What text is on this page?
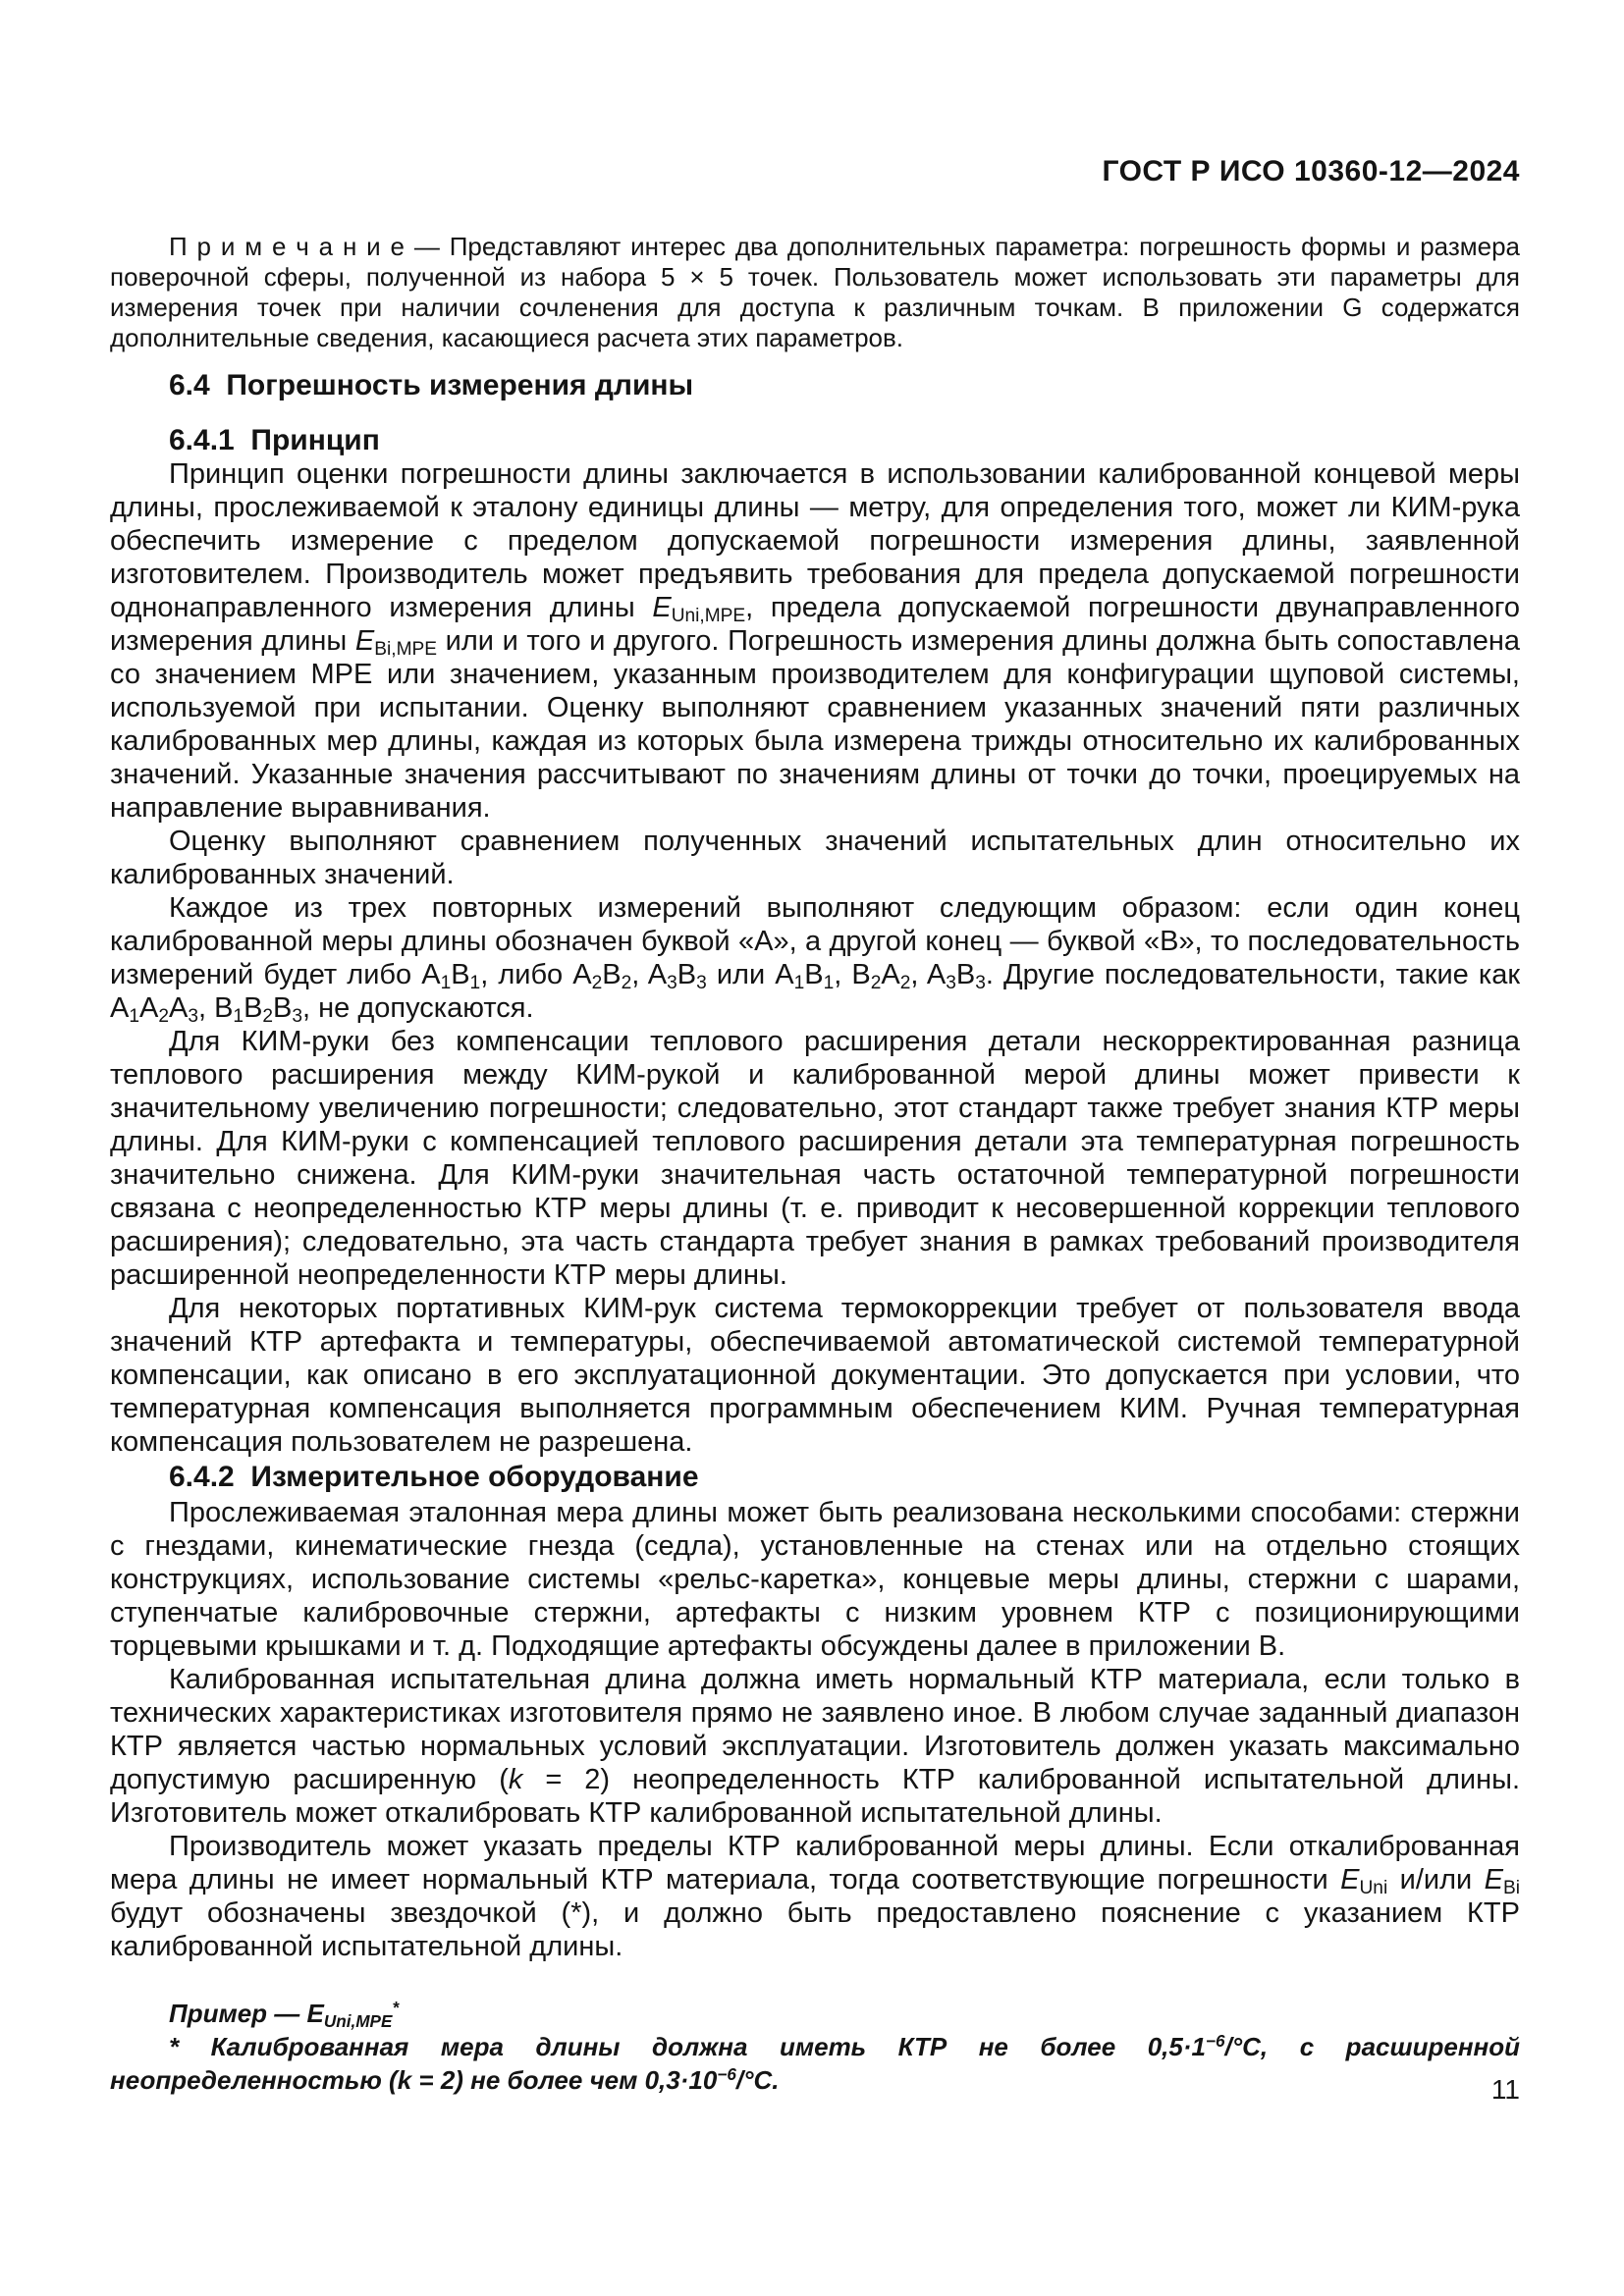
ГОСТ Р ИСО 10360-12—2024

П р и м е ч а н и е — Представляют интерес два дополнительных параметра: погрешность формы и размера поверочной сферы, полученной из набора 5 × 5 точек. Пользователь может использовать эти параметры для измерения точек при наличии сочленения для доступа к различным точкам. В приложении G содержатся дополнительные сведения, касающиеся расчета этих параметров.

6.4  Погрешность измерения длины
6.4.1  Принцип

Принцип оценки погрешности длины заключается в использовании калиброванной концевой меры длины, прослеживаемой к эталону единицы длины — метру, для определения того, может ли КИМ-рука обеспечить измерение с пределом допускаемой погрешности измерения длины, заявленной изготовителем. Производитель может предъявить требования для предела допускаемой погрешности однонаправленного измерения длины $E_{Uni,MPE}$, предела допускаемой погрешности двунаправленного измерения длины $E_{Bi,MPE}$ или и того и другого. Погрешность измерения длины должна быть сопоставлена со значением MPE или значением, указанным производителем для конфигурации щуповой системы, используемой при испытании. Оценку выполняют сравнением указанных значений пяти различных калиброванных мер длины, каждая из которых была измерена трижды относительно их калиброванных значений. Указанные значения рассчитывают по значениям длины от точки до точки, проецируемых на направление выравнивания.

Оценку выполняют сравнением полученных значений испытательных длин относительно их калиброванных значений.

Каждое из трех повторных измерений выполняют следующим образом: если один конец калиброванной меры длины обозначен буквой «А», а другой конец — буквой «В», то последовательность измерений будет либо $A_1B_1$, либо $A_2B_2$, $A_3B_3$ или $A_1B_1$, $B_2A_2$, $A_3B_3$. Другие последовательности, такие как $A_1A_2A_3$, $B_1B_2B_3$, не допускаются.

Для КИМ-руки без компенсации теплового расширения детали нескорректированная разница теплового расширения между КИМ-рукой и калиброванной мерой длины может привести к значительному увеличению погрешности; следовательно, этот стандарт также требует знания КТР меры длины. Для КИМ-руки с компенсацией теплового расширения детали эта температурная погрешность значительно снижена. Для КИМ-руки значительная часть остаточной температурной погрешности связана с неопределенностью КТР меры длины (т. е. приводит к несовершенной коррекции теплового расширения); следовательно, эта часть стандарта требует знания в рамках требований производителя расширенной неопределенности КТР меры длины.

Для некоторых портативных КИМ-рук система термокоррекции требует от пользователя ввода значений КТР артефакта и температуры, обеспечиваемой автоматической системой температурной компенсации, как описано в его эксплуатационной документации. Это допускается при условии, что температурная компенсация выполняется программным обеспечением КИМ. Ручная температурная компенсация пользователем не разрешена.

6.4.2  Измерительное оборудование

Прослеживаемая эталонная мера длины может быть реализована несколькими способами: стержни с гнездами, кинематические гнезда (седла), установленные на стенах или на отдельно стоящих конструкциях, использование системы «рельс-каретка», концевые меры длины, стержни с шарами, ступенчатые калибровочные стержни, артефакты с низким уровнем КТР с позиционирующими торцевыми крышками и т. д. Подходящие артефакты обсуждены далее в приложении В.

Калиброванная испытательная длина должна иметь нормальный КТР материала, если только в технических характеристиках изготовителя прямо не заявлено иное. В любом случае заданный диапазон КТР является частью нормальных условий эксплуатации. Изготовитель должен указать максимально допустимую расширенную (k = 2) неопределенность КТР калиброванной испытательной длины. Изготовитель может откалибровать КТР калиброванной испытательной длины.

Производитель может указать пределы КТР калиброванной меры длины. Если откалиброванная мера длины не имеет нормальный КТР материала, тогда соответствующие погрешности $E_{Uni}$ и/или $E_{Bi}$ будут обозначены звездочкой (*), и должно быть предоставлено пояснение с указанием КТР калиброванной испытательной длины.

Пример — $E_{Uni,MPE}^*$

* Калиброванная мера длины должна иметь КТР не более $0,5\cdot 1^{-6}/^\circ С$, с расширенной неопределенностью (k = 2) не более чем $0,3\cdot 10^{-6}/^\circ С$.	11
